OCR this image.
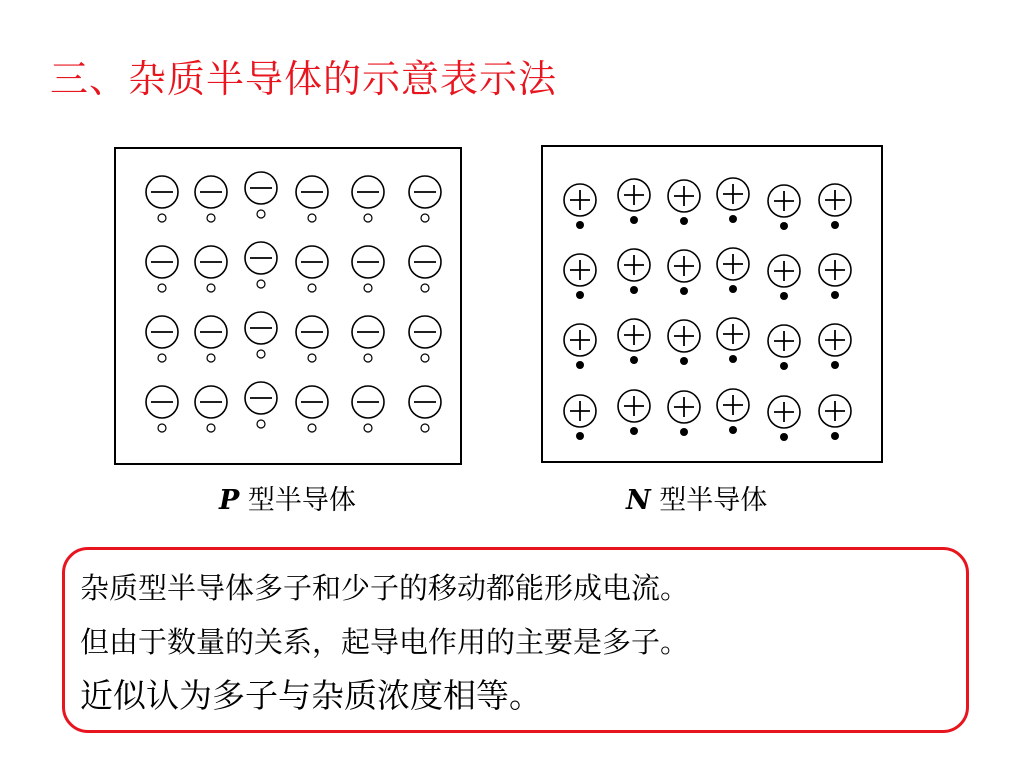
三、杂质半导体的示意表示法
P 型半导体	N 型半导体
杂质型半导体多子和少子的移动都能形成电流。
但由于数量的关系，起导电作用的主要是多子。
近似认为多子与杂质浓度相等。
